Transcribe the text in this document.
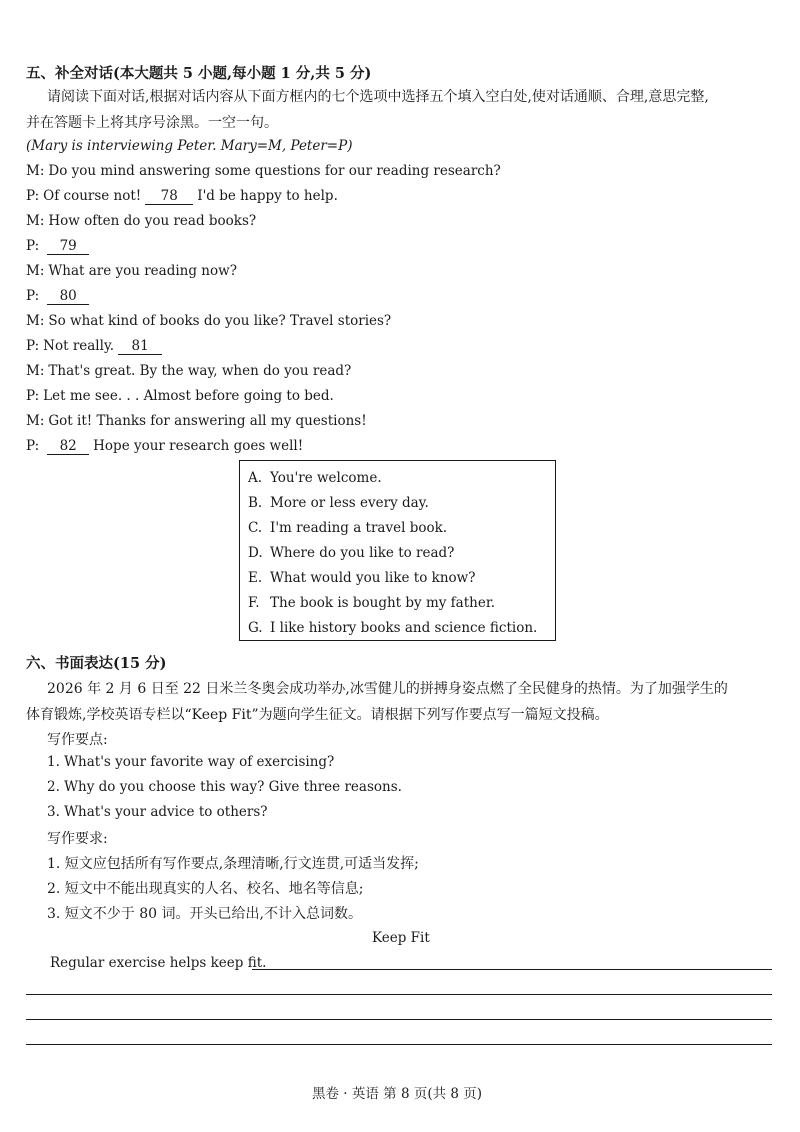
五、补全对话(本大题共 5 小题,每小题 1 分,共 5 分)
请阅读下面对话,根据对话内容从下面方框内的七个选项中选择五个填入空白处,使对话通顺、合理,意思完整,
并在答题卡上将其序号涂黑。一空一句。
(Mary is interviewing Peter. Mary=M, Peter=P)
M: Do you mind answering some questions for our reading research?
P: Of course not! 78 I'd be happy to help.
M: How often do you read books?
P: 79
M: What are you reading now?
P: 80
M: So what kind of books do you like? Travel stories?
P: Not really. 81
M: That's great. By the way, when do you read?
P: Let me see. . . Almost before going to bed.
M: Got it! Thanks for answering all my questions!
P: 82 Hope your research goes well!
A. You're welcome.
B. More or less every day.
C. I'm reading a travel book.
D. Where do you like to read?
E. What would you like to know?
F. The book is bought by my father.
G. I like history books and science fiction.
六、书面表达(15 分)
2026 年 2 月 6 日至 22 日米兰冬奥会成功举办,冰雪健儿的拼搏身姿点燃了全民健身的热情。为了加强学生的
体育锻炼,学校英语专栏以“Keep Fit”为题向学生征文。请根据下列写作要点写一篇短文投稿。
写作要点:
1. What's your favorite way of exercising?
2. Why do you choose this way? Give three reasons.
3. What's your advice to others?
写作要求:
1. 短文应包括所有写作要点,条理清晰,行文连贯,可适当发挥;
2. 短文中不能出现真实的人名、校名、地名等信息;
3. 短文不少于 80 词。开头已给出,不计入总词数。
Keep Fit
Regular exercise helps keep fit.
黑卷 · 英语 第 8 页(共 8 页)
